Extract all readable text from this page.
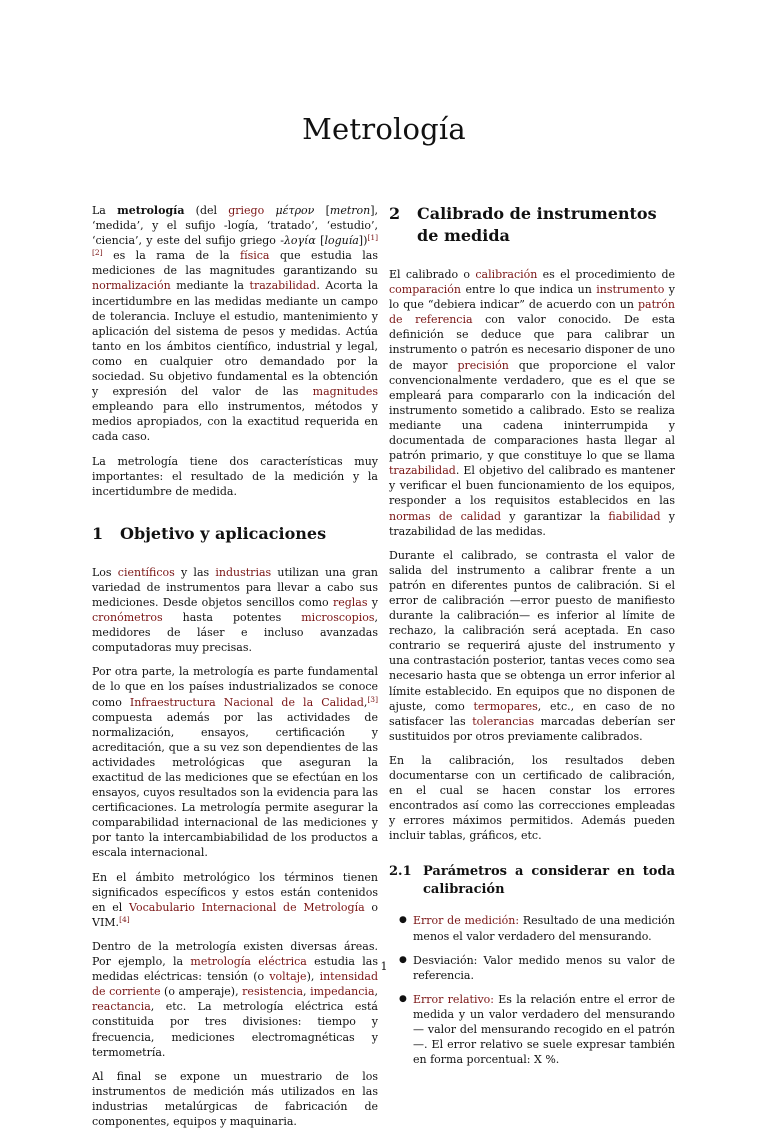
Metrología

La metrología (del griego μέτρον [metron], ‘medida’, y el sufijo -logía, ‘tratado’, ‘estudio’, ‘ciencia’, y este del sufijo griego -λογία [loguía])[1][2] es la rama de la física que estudia las mediciones de las magnitudes garantizando su normalización mediante la trazabilidad. Acorta la incertidumbre en las medidas mediante un campo de tolerancia. Incluye el estudio, mantenimiento y aplicación del sistema de pesos y medidas. Actúa tanto en los ámbitos científico, industrial y legal, como en cualquier otro demandado por la sociedad. Su objetivo fundamental es la obtención y expresión del valor de las magnitudes empleando para ello instrumentos, métodos y medios apropiados, con la exactitud requerida en cada caso.

La metrología tiene dos características muy importantes: el resultado de la medición y la incertidumbre de medida.

1	Objetivo y aplicaciones

Los científicos y las industrias utilizan una gran variedad de instrumentos para llevar a cabo sus mediciones. Desde objetos sencillos como reglas y cronómetros hasta potentes microscopios, medidores de láser e incluso avanzadas computadoras muy precisas.

Por otra parte, la metrología es parte fundamental de lo que en los países industrializados se conoce como Infraestructura Nacional de la Calidad,[3] compuesta además por las actividades de normalización, ensayos, certificación y acreditación, que a su vez son dependientes de las actividades metrológicas que aseguran la exactitud de las mediciones que se efectúan en los ensayos, cuyos resultados son la evidencia para las certificaciones. La metrología permite asegurar la comparabilidad internacional de las mediciones y por tanto la intercambiabilidad de los productos a escala internacional.

En el ámbito metrológico los términos tienen significados específicos y estos están contenidos en el Vocabulario Internacional de Metrología o VIM.[4]

Dentro de la metrología existen diversas áreas. Por ejemplo, la metrología eléctrica estudia las medidas eléctricas: tensión (o voltaje), intensidad de corriente (o amperaje), resistencia, impedancia, reactancia, etc. La metrología eléctrica está constituida por tres divisiones: tiempo y frecuencia, mediciones electromagnéticas y termometría.

Al final se expone un muestrario de los instrumentos de medición más utilizados en las industrias metalúrgicas de fabricación de componentes, equipos y maquinaria.

2	Calibrado de instrumentos de medida

El calibrado o calibración es el procedimiento de comparación entre lo que indica un instrumento y lo que “debiera indicar” de acuerdo con un patrón de referencia con valor conocido. De esta definición se deduce que para calibrar un instrumento o patrón es necesario disponer de uno de mayor precisión que proporcione el valor convencionalmente verdadero, que es el que se empleará para compararlo con la indicación del instrumento sometido a calibrado. Esto se realiza mediante una cadena ininterrumpida y documentada de comparaciones hasta llegar al patrón primario, y que constituye lo que se llama trazabilidad. El objetivo del calibrado es mantener y verificar el buen funcionamiento de los equipos, responder a los requisitos establecidos en las normas de calidad y garantizar la fiabilidad y trazabilidad de las medidas.

Durante el calibrado, se contrasta el valor de salida del instrumento a calibrar frente a un patrón en diferentes puntos de calibración. Si el error de calibración —error puesto de manifiesto durante la calibración— es inferior al límite de rechazo, la calibración será aceptada. En caso contrario se requerirá ajuste del instrumento y una contrastación posterior, tantas veces como sea necesario hasta que se obtenga un error inferior al límite establecido. En equipos que no disponen de ajuste, como termopares, etc., en caso de no satisfacer las tolerancias marcadas deberían ser sustituidos por otros previamente calibrados.

En la calibración, los resultados deben documentarse con un certificado de calibración, en el cual se hacen constar los errores encontrados así como las correcciones empleadas y errores máximos permitidos. Además pueden incluir tablas, gráficos, etc.

2.1 Parámetros a considerar en toda calibración
● Error de medición: Resultado de una medición menos el valor verdadero del mensurando.
● Desviación: Valor medido menos su valor de referencia.
● Error relativo: Es la relación entre el error de medida y un valor verdadero del mensurando — valor del mensurando recogido en el patrón—. El error relativo se suele expresar también en forma porcentual: X %.
1
